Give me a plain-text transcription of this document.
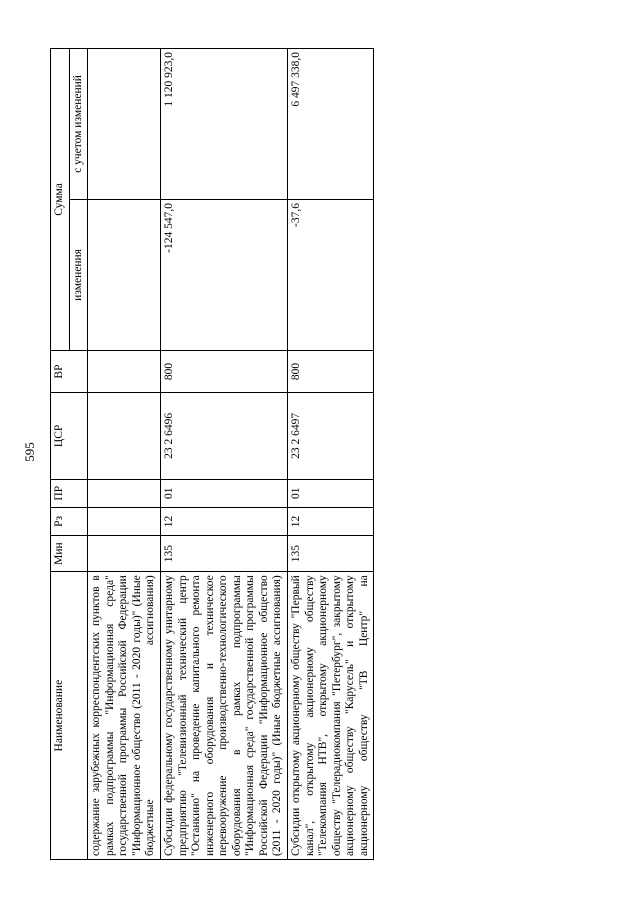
595
Наименование	Мин	Рз	ПР	ЦСР	ВР	Сумма	
						изменения	с учетом изменений
содержание зарубежных корреспондентских пунктов в рамках подпрограммы "Информационная среда" государственной программы Российской Федерации "Информационное общество (2011 - 2020 годы)" (Иные бюджетные ассигнования)							
Субсидии федеральному государственному унитарному предприятию "Телевизионный технический центр "Останкино" на проведение капитального ремонта инженерного оборудования и техническое перевооружение производственно-технологического оборудования в рамках подпрограммы "Информационная среда" государственной программы Российской Федерации "Информационное общество (2011 - 2020 годы)" (Иные бюджетные ассигнования)	135	12	01	23 2 6496	800	-124 547,0	1 120 923,0
Субсидии открытому акционерному обществу "Первый канал", открытому акционерному обществу "Телекомпания НТВ", открытому акционерному обществу "Телерадиокомпания "Петербург", закрытому акционерному обществу "Карусель" и открытому акционерному обществу "ТВ Центр" на	135	12	01	23 2 6497	800	-37,6	6 497 338,0
